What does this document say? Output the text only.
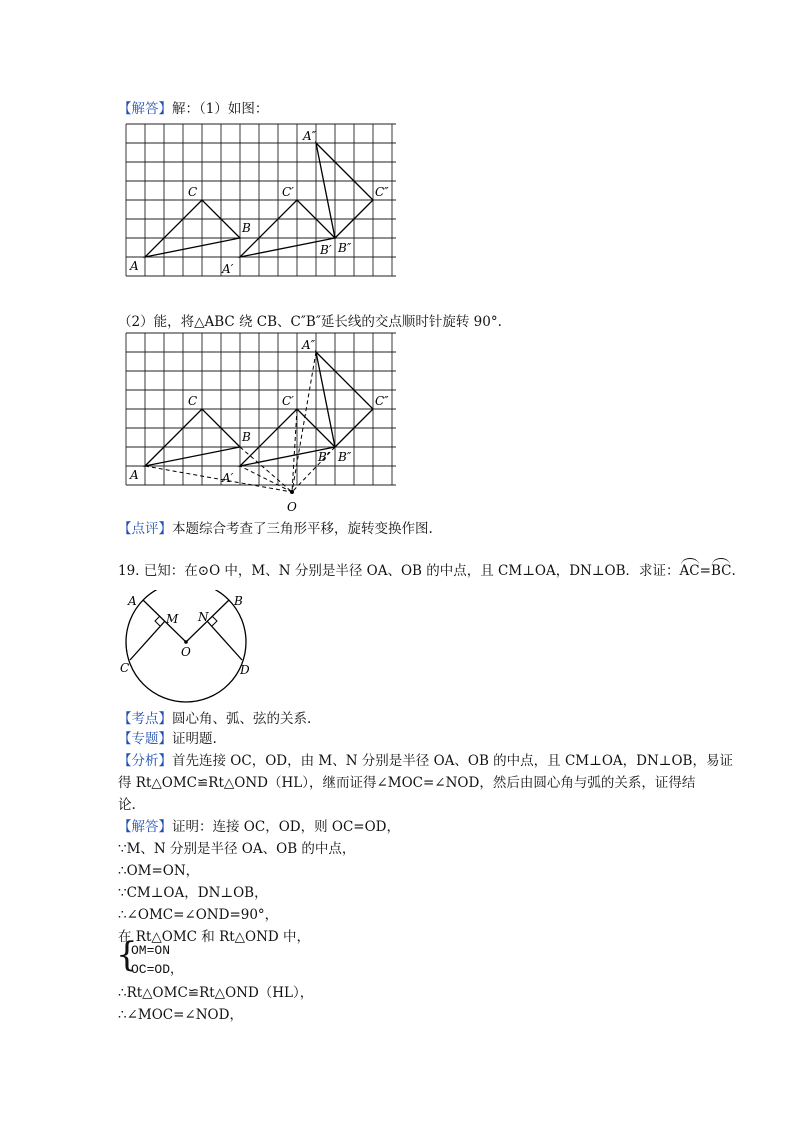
【解答】解：（1）如图：
A
C
B
A′
C′
B′
A″
B″
C″
（2）能，将△ABC 绕 CB、C″B″延长线的交点顺时针旋转 90°.
A
C
B
A′
C′
B′
A″
B″
C″
O
【点评】本题综合考查了三角形平移，旋转变换作图.
19. 已知：在⊙O 中，M、N 分别是半径 OA、OB 的中点，且 CM⊥OA，DN⊥OB．求证：AC=BC.
A	B
M N
O
C	D
【考点】圆心角、弧、弦的关系.
【专题】证明题.
【分析】首先连接 OC，OD，由 M、N 分别是半径 OA、OB 的中点，且 CM⊥OA，DN⊥OB，易证
得 Rt△OMC≌Rt△OND（HL），继而证得∠MOC=∠NOD，然后由圆心角与弧的关系，证得结
论.
【解答】证明：连接 OC，OD，则 OC=OD，
∵M、N 分别是半径 OA、OB 的中点，
∴OM=ON，
∵CM⊥OA，DN⊥OB，
∴∠OMC=∠OND=90°，
在 Rt△OMC 和 Rt△OND 中，
{
OM=ON
OC=OD，
∴Rt△OMC≌Rt△OND（HL），
∴∠MOC=∠NOD，
